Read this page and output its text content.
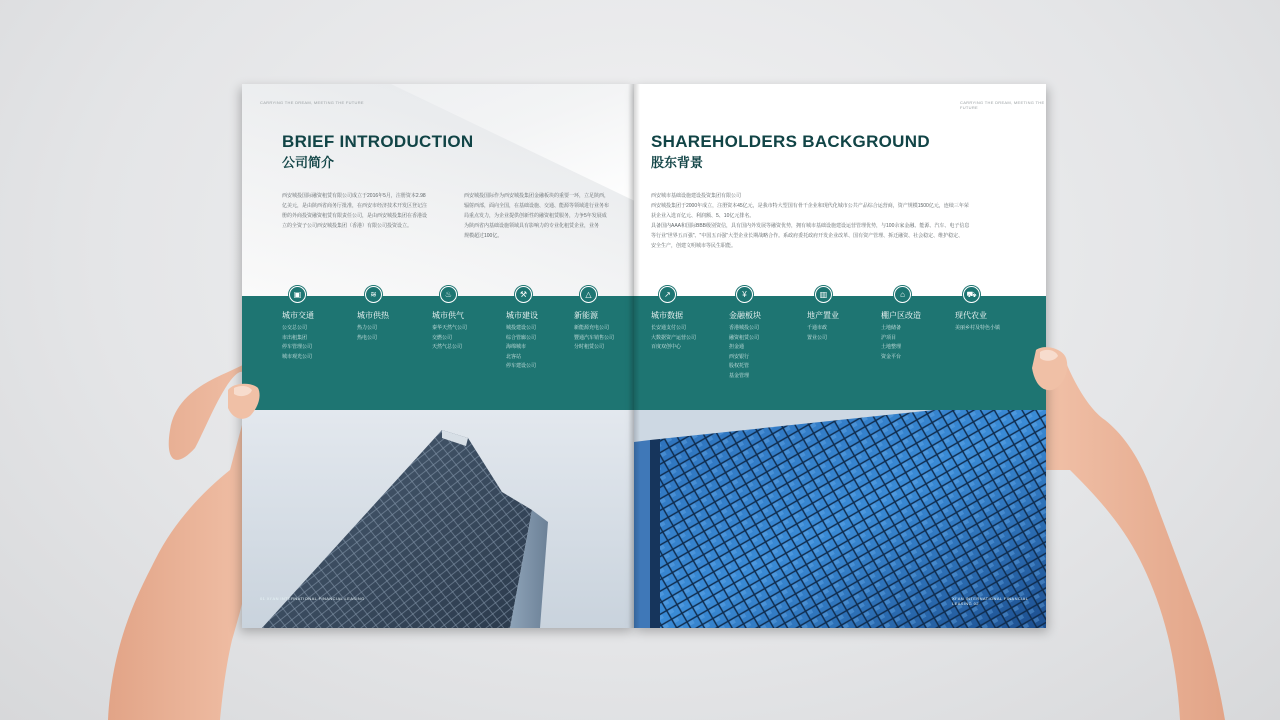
CARRYING THE DREAM, MEETING THE FUTURE
BRIEF INTRODUCTION
公司简介
西安城投国际融资租赁有限公司成立于2016年5月，注册资本2.98
亿美元，是由陕西省商务厅批准，在西安市经济技术开发区登记注
册的外商投资融资租赁有限责任公司，是由西安城投集团在香港设
立的全资子公司西安城投集团（香港）有限公司投资设立。
西安城投国际作为西安城投集团金融板块的重要一环，立足陕西，
辐射西部，面向全国，在基础设施、交通、能源等领域进行业务布
局重点发力，为企业提供创新性的融资租赁服务，力争5年发展成
为陕西省内基础设施领域具有影响力的专业化租赁企业，业务
规模超过100亿。
▣
城市交通
公交总公司
市出租集团
停车管理公司
城市观光公司
≋
城市供热
热力公司
热电公司
♨
城市供气
秦华天然气公司
交燃公司
天然气总公司
⚒
城市建设
城投建设公司
综合管廊公司
海绵城市
北客站
停车建设公司
△
新能源
新能源充电公司
豐通汽车销售公司
分时租赁公司
01 XI'AN INTERNATIONAL FINANCIAL LEASING
CARRYING THE DREAM, MEETING THE FUTURE
SHAREHOLDERS BACKGROUND
股东背景
西安城市基础设施建设投资集团有限公司
西安城投集团于2000年成立，注册资本45亿元，是我市特大型国有骨干企业和现代化城市公共产品综合运营商，资产规模1500亿元，连续三年荣
获企业入选百亿元、利润额、5、10亿元排名。
具备国内AAA和国际BBB级别资信，具有国内外发展等融资优势，拥有城市基础设施建设运营管理优势，与100余家金融、能源、汽车、电子信息
等行业"世界五百强"、"中国五百强"大型企业长期战略合作。系政府委托政府开发企业改革、国有资产管理、拆迁融资、社会稳定、维护稳定、
安全生产，创建文明城市等民生职能。
↗
城市数据
长安通支付公司
大数据资产运营公司
百度双创中心
¥
金融板块
香港城投公司
融资租赁公司
担金通
西安银行
股权托管
基金管理
▥
地产置业
千通市政
置业公司
⌂
棚户区改造
土地储备
沪项目
土地整理
资金平台
⛟
现代农业
美丽乡村及特色小镇
XI'AN INTERNATIONAL FINANCIAL LEASING 02
